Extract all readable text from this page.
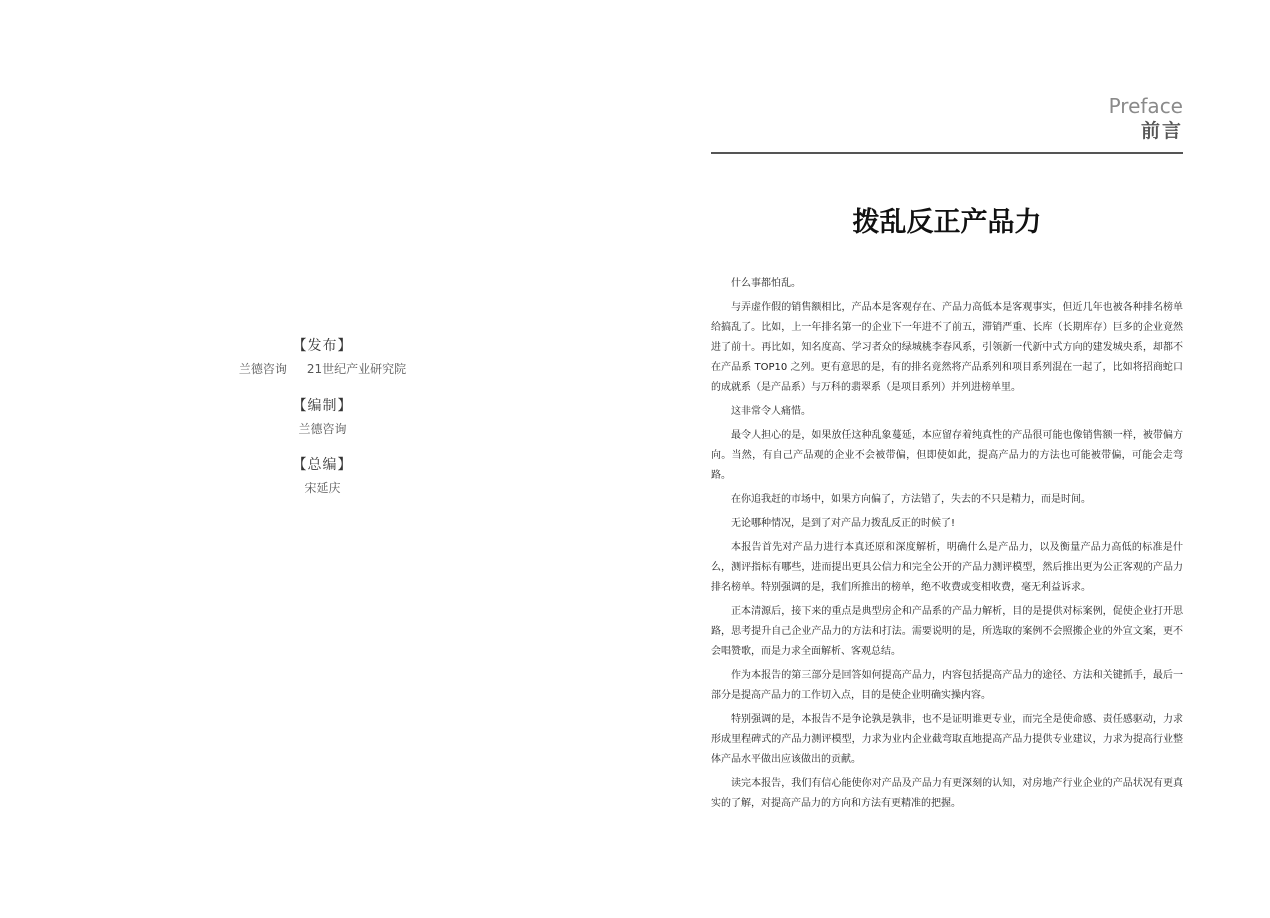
【发布】
兰德咨询 21世纪产业研究院
【编制】
兰德咨询
【总编】
宋延庆
Preface
前言
拨乱反正产品力

什么事都怕乱。

与弄虚作假的销售额相比，产品本是客观存在、产品力高低本是客观事实，但近几年也被各种排名榜单给搞乱了。比如，上一年排名第一的企业下一年进不了前五，滞销严重、长库（长期库存）巨多的企业竟然进了前十。再比如，知名度高、学习者众的绿城桃李春风系，引领新一代新中式方向的建发城央系，却都不在产品系 TOP10 之列。更有意思的是，有的排名竟然将产品系列和项目系列混在一起了，比如将招商蛇口的成就系（是产品系）与万科的翡翠系（是项目系列）并列进榜单里。

这非常令人痛惜。

最令人担心的是，如果放任这种乱象蔓延，本应留存着纯真性的产品很可能也像销售额一样，被带偏方向。当然，有自己产品观的企业不会被带偏，但即使如此，提高产品力的方法也可能被带偏，可能会走弯路。

在你追我赶的市场中，如果方向偏了，方法错了，失去的不只是精力，而是时间。

无论哪种情况，是到了对产品力拨乱反正的时候了!

本报告首先对产品力进行本真还原和深度解析，明确什么是产品力，以及衡量产品力高低的标准是什么，测评指标有哪些，进而提出更具公信力和完全公开的产品力测评模型，然后推出更为公正客观的产品力排名榜单。特别强调的是，我们所推出的榜单，绝不收费或变相收费，毫无利益诉求。

正本清源后，接下来的重点是典型房企和产品系的产品力解析，目的是提供对标案例，促使企业打开思路，思考提升自己企业产品力的方法和打法。需要说明的是，所选取的案例不会照搬企业的外宣文案，更不会唱赞歌，而是力求全面解析、客观总结。

作为本报告的第三部分是回答如何提高产品力，内容包括提高产品力的途径、方法和关键抓手，最后一部分是提高产品力的工作切入点，目的是使企业明确实操内容。

特别强调的是，本报告不是争论孰是孰非，也不是证明谁更专业，而完全是使命感、责任感驱动，力求形成里程碑式的产品力测评模型，力求为业内企业截弯取直地提高产品力提供专业建议，力求为提高行业整体产品水平做出应该做出的贡献。

读完本报告，我们有信心能使你对产品及产品力有更深刻的认知，对房地产行业企业的产品状况有更真实的了解，对提高产品力的方向和方法有更精准的把握。
